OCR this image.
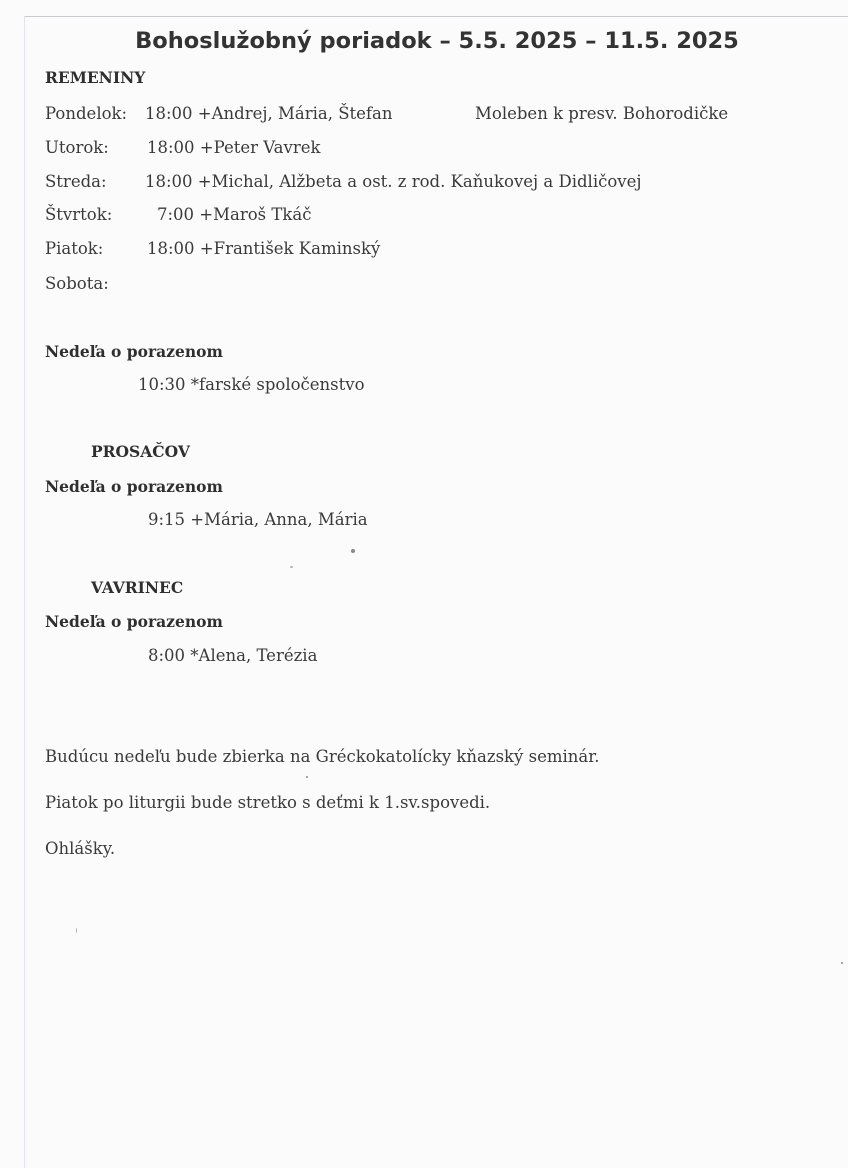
Bohoslužobný poriadok – 5.5. 2025 – 11.5. 2025
REMENINY
Pondelok: 18:00 +Andrej, Mária, Štefan	Moleben k presv. Bohorodičke
Utorok: 18:00 +Peter Vavrek
Streda: 18:00 +Michal, Alžbeta a ost. z rod. Kaňukovej a Didličovej
Štvrtok:	7:00 +Maroš Tkáč
Piatok:	18:00 +František Kaminský
Sobota:
Nedeľa o porazenom
10:30 *farské spoločenstvo
PROSAČOV
Nedeľa o porazenom
9:15 +Mária, Anna, Mária
VAVRINEC
Nedeľa o porazenom
8:00 *Alena, Terézia
Budúcu nedeľu bude zbierka na Gréckokatolícky kňazský seminár.
Piatok po liturgii bude stretko s deťmi k 1.sv.spovedi.
Ohlášky.
